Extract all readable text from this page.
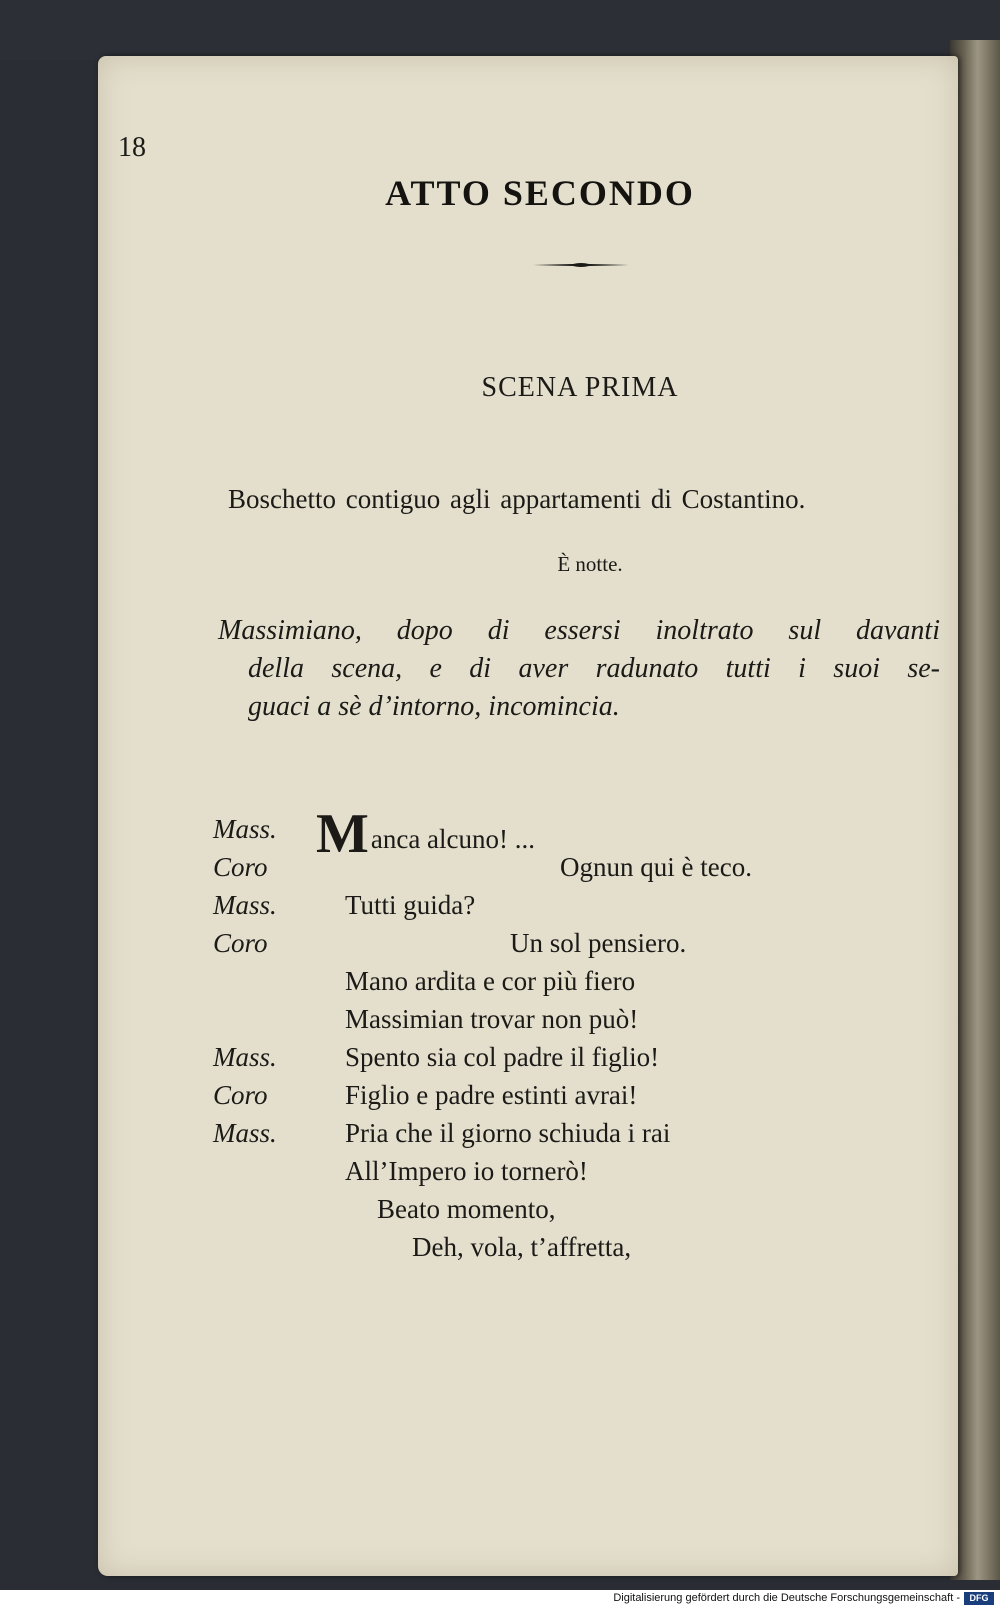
18
ATTO SECONDO
SCENA PRIMA
Boschetto contiguo agli appartamenti di Costantino.
È notte.
Massimiano, dopo di essersi inoltrato sul davanti
della scena, e di aver radunato tutti i suoi se-
guaci a sè d’intorno, incomincia.
Mass.
Coro
Mass.
Coro
Mass.
Coro
Mass.
Manca alcuno! ...
Ognun qui è teco.
Tutti guida?
Un sol pensiero.
Mano ardita e cor più fiero
Massimian trovar non può!
Spento sia col padre il figlio!
Figlio e padre estinti avrai!
Pria che il giorno schiuda i rai
All’Impero io tornerò!
Beato momento,
Deh, vola, t’affretta,
Digitalisierung gefördert durch die Deutsche Forschungsgemeinschaft -	DFG
